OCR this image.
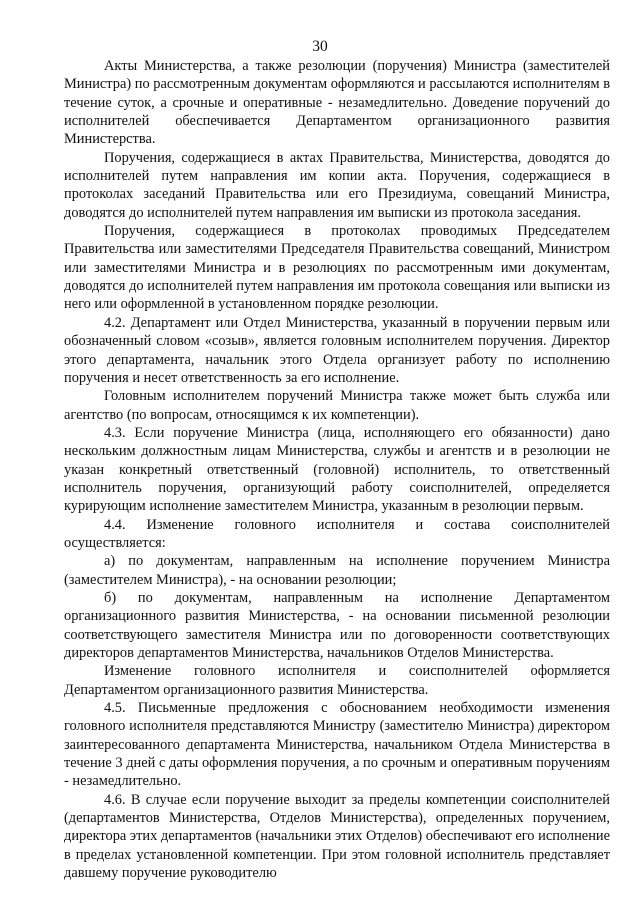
30

Акты Министерства, а также резолюции (поручения) Министра (заместителей Министра) по рассмотренным документам оформляются и рассылаются исполнителям в течение суток, а срочные и оперативные - незамедлительно. Доведение поручений до исполнителей обеспечивается Департаментом организационного развития Министерства.

Поручения, содержащиеся в актах Правительства, Министерства, доводятся до исполнителей путем направления им копии акта. Поручения, содержащиеся в протоколах заседаний Правительства или его Президиума, совещаний Министра, доводятся до исполнителей путем направления им выписки из протокола заседания.

Поручения, содержащиеся в протоколах проводимых Председателем Правительства или заместителями Председателя Правительства совещаний, Министром или заместителями Министра и в резолюциях по рассмотренным ими документам, доводятся до исполнителей путем направления им протокола совещания или выписки из него или оформленной в установленном порядке резолюции.

4.2. Департамент или Отдел Министерства, указанный в поручении первым или обозначенный словом «созыв», является головным исполнителем поручения. Директор этого департамента, начальник этого Отдела организует работу по исполнению поручения и несет ответственность за его исполнение.

Головным исполнителем поручений Министра также может быть служба или агентство (по вопросам, относящимся к их компетенции).

4.3. Если поручение Министра (лица, исполняющего его обязанности) дано нескольким должностным лицам Министерства, службы и агентств и в резолюции не указан конкретный ответственный (головной) исполнитель, то ответственный исполнитель поручения, организующий работу соисполнителей, определяется курирующим исполнение заместителем Министра, указанным в резолюции первым.

4.4. Изменение головного исполнителя и состава соисполнителей осуществляется:

а) по документам, направленным на исполнение поручением Министра (заместителем Министра), - на основании резолюции;

б) по документам, направленным на исполнение Департаментом организационного развития Министерства, - на основании письменной резолюции соответствующего заместителя Министра или по договоренности соответствующих директоров департаментов Министерства, начальников Отделов Министерства.

Изменение головного исполнителя и соисполнителей оформляется Департаментом организационного развития Министерства.

4.5. Письменные предложения с обоснованием необходимости изменения головного исполнителя представляются Министру (заместителю Министра) директором заинтересованного департамента Министерства, начальником Отдела Министерства в течение 3 дней с даты оформления поручения, а по срочным и оперативным поручениям - незамедлительно.

4.6. В случае если поручение выходит за пределы компетенции соисполнителей (департаментов Министерства, Отделов Министерства), определенных поручением, директора этих департаментов (начальники этих Отделов) обеспечивают его исполнение в пределах установленной компетенции. При этом головной исполнитель представляет давшему поручение руководителю
